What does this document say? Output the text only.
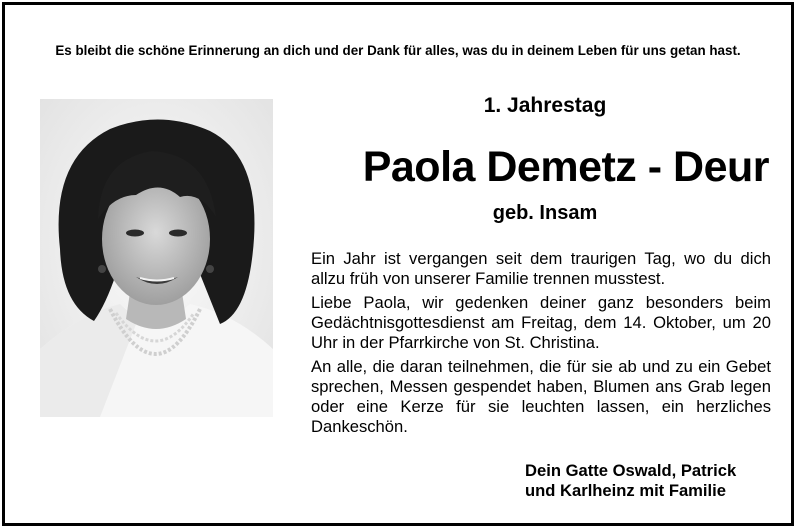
Es bleibt die schöne Erinnerung an dich und der Dank für alles, was du in deinem Leben für uns getan hast.
1. Jahrestag
Paola Demetz - Deur
geb. Insam

Ein Jahr ist vergangen seit dem traurigen Tag, wo du dich allzu früh von unserer Familie trennen musstest.

Liebe Paola, wir gedenken deiner ganz besonders beim Gedächtnisgottesdienst am Freitag, dem 14. Oktober, um 20 Uhr in der Pfarrkirche von St. Christina.

An alle, die daran teilnehmen, die für sie ab und zu ein Gebet sprechen, Messen gespendet haben, Blumen ans Grab legen oder eine Kerze für sie leuchten lassen, ein herzliches Dankeschön.

Dein Gatte Oswald, Patrick
und Karlheinz mit Familie
